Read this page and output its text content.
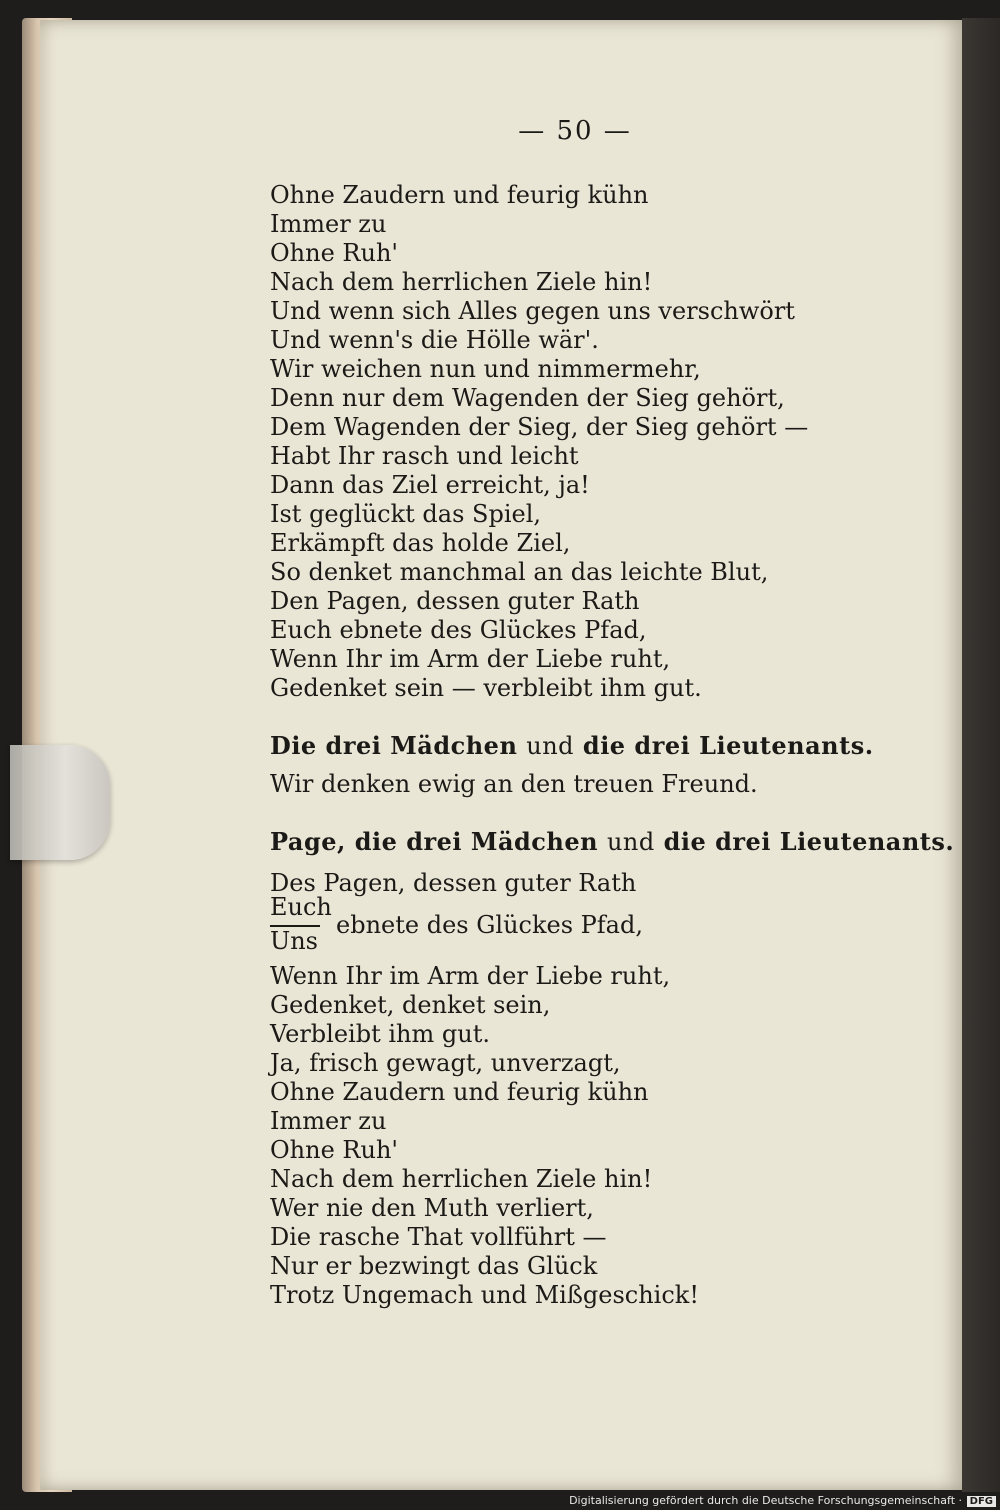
— 50 —
Ohne Zaudern und feurig kühn
Immer zu
Ohne Ruh'
Nach dem herrlichen Ziele hin!
Und wenn sich Alles gegen uns verschwört
Und wenn's die Hölle wär'.
Wir weichen nun und nimmermehr,
Denn nur dem Wagenden der Sieg gehört,
Dem Wagenden der Sieg, der Sieg gehört —
Habt Ihr rasch und leicht
Dann das Ziel erreicht, ja!
Ist geglückt das Spiel,
Erkämpft das holde Ziel,
So denket manchmal an das leichte Blut,
Den Pagen, dessen guter Rath
Euch ebnete des Glückes Pfad,
Wenn Ihr im Arm der Liebe ruht,
Gedenket sein — verbleibt ihm gut.
Die drei Mädchen und die drei Lieutenants.
Wir denken ewig an den treuen Freund.
Page, die drei Mädchen und die drei Lieutenants.
Des Pagen, dessen guter Rath
Euch
Uns
ebnete des Glückes Pfad,
Wenn Ihr im Arm der Liebe ruht,
Gedenket, denket sein,
Verbleibt ihm gut.
Ja, frisch gewagt, unverzagt,
Ohne Zaudern und feurig kühn
Immer zu
Ohne Ruh'
Nach dem herrlichen Ziele hin!
Wer nie den Muth verliert,
Die rasche That vollführt —
Nur er bezwingt das Glück
Trotz Ungemach und Mißgeschick!
Digitalisierung gefördert durch die Deutsche Forschungsgemeinschaft · DFG
